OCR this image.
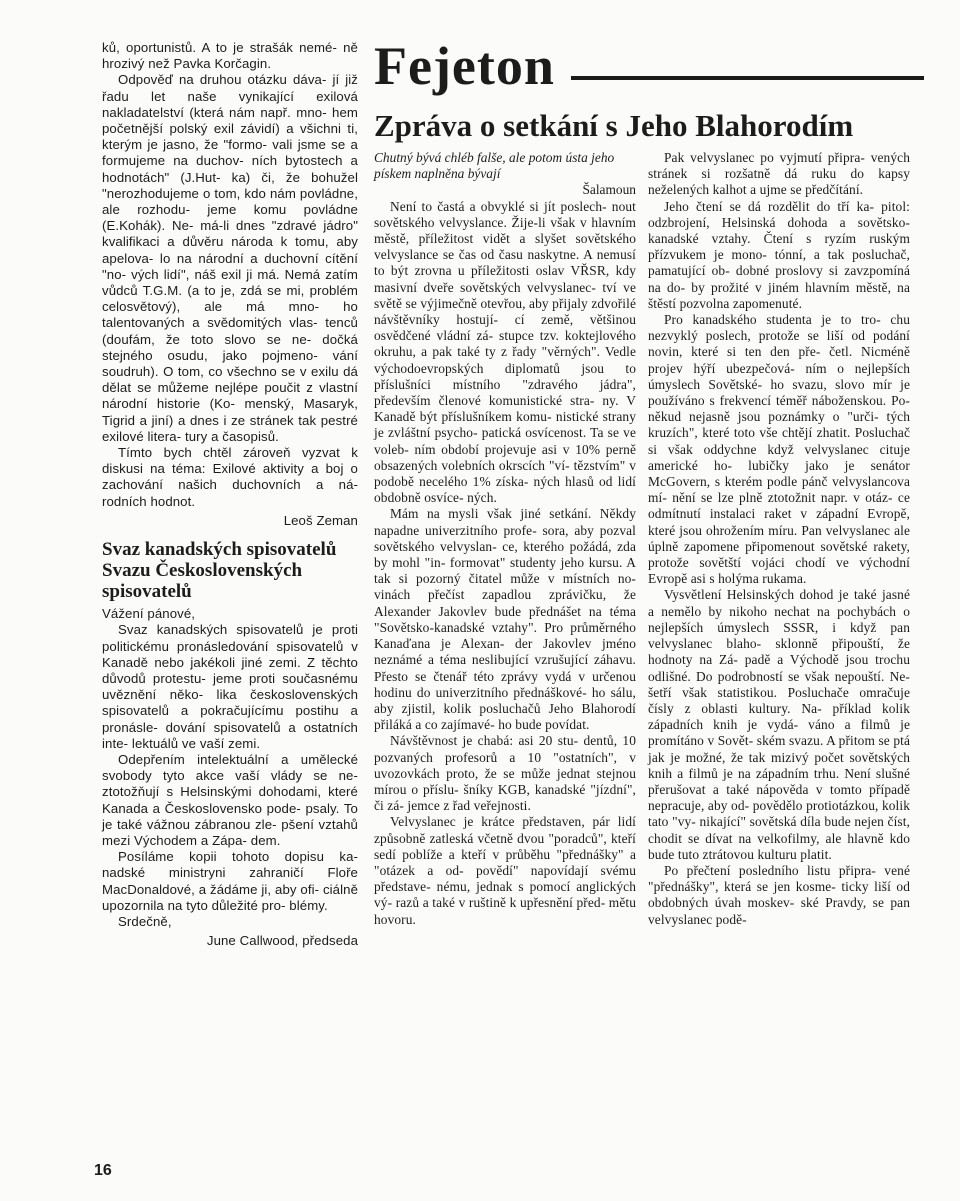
ků, oportunistů. A to je strašák nemé- ně hrozivý než Pavka Korčagin.

Odpověď na druhou otázku dáva- jí již řadu let naše vynikající exilová nakladatelství (která nám např. mno- hem početnější polský exil závidí) a všichni ti, kterým je jasno, že "formo- vali jsme se a formujeme na duchov- ních bytostech a hodnotách" (J.Hut- ka) či, že bohužel "nerozhodujeme o tom, kdo nám povládne, ale rozhodu- jeme komu povládne (E.Kohák). Ne- má-li dnes "zdravé jádro" kvalifikaci a důvěru národa k tomu, aby apelova- lo na národní a duchovní cítění "no- vých lidí", náš exil ji má. Nemá zatím vůdců T.G.M. (a to je, zdá se mi, problém celosvětový), ale má mno- ho talentovaných a svědomitých vlas- tenců (doufám, že toto slovo se ne- dočká stejného osudu, jako pojmeno- vání soudruh). O tom, co všechno se v exilu dá dělat se můžeme nejlépe poučit z vlastní národní historie (Ko- menský, Masaryk, Tigrid a jiní) a dnes i ze stránek tak pestré exilové litera- tury a časopisů.

Tímto bych chtěl zároveň vyzvat k diskusi na téma: Exilové aktivity a boj o zachování našich duchovních a ná- rodních hodnot.

Leoš Zeman

Svaz kanadských spisovatelů Svazu Československých spisovatelů

Vážení pánové,

Svaz kanadských spisovatelů je proti politickému pronásledování spisovatelů v Kanadě nebo jakékoli jiné zemi. Z těchto důvodů protestu- jeme proti současnému uvěznění něko- lika československých spisovatelů a pokračujícímu postihu a pronásle- dování spisovatelů a ostatních inte- lektuálů ve vaší zemi.

Odepřením intelektuální a umělecké svobody tyto akce vaší vlády se ne- ztotožňují s Helsinskými dohodami, které Kanada a Československo pode- psaly. To je také vážnou zábranou zle- pšení vztahů mezi Východem a Zápa- dem.

Posíláme kopii tohoto dopisu ka- nadské ministryni zahraničí Floře MacDonaldové, a žádáme ji, aby ofi- ciálně upozornila na tyto důležité pro- blémy.

Srdečně,

June Callwood, předseda

Fejeton
Zpráva o setkání s Jeho Blahorodím

Chutný bývá chléb falše, ale potom ústa jeho pískem naplněna bývají

Šalamoun

Není to častá a obvyklé si jít poslech- nout sovětského velvyslance. Žije-li však v hlavním městě, příležitost vidět a slyšet sovětského velvyslance se čas od času naskytne. A nemusí to být zrovna u příležitosti oslav VŘSR, kdy masivní dveře sovětských velvyslanec- tví ve světě se výjimečně otevřou, aby přijaly zdvořilé návštěvníky hostují- cí země, většinou osvědčené vládní zá- stupce tzv. koktejlového okruhu, a pak také ty z řady "věrných". Vedle východoevropských diplomatů jsou to příslušníci místního "zdravého jádra", především členové komunistické stra- ny. V Kanadě být příslušníkem komu- nistické strany je zvláštní psycho- patická osvícenost. Ta se ve voleb- ním období projevuje asi v 10% perně obsazených volebních okrscích "ví- tězstvím" v podobě necelého 1% získa- ných hlasů od lidí obdobně osvíce- ných.

Mám na mysli však jiné setkání. Někdy napadne univerzitního profe- sora, aby pozval sovětského velvyslan- ce, kterého požádá, zda by mohl "in- formovat" studenty jeho kursu. A tak si pozorný čitatel může v místních no- vinách přečíst zapadlou zprávičku, že Alexander Jakovlev bude přednášet na téma "Sovětsko-kanadské vztahy". Pro průměrného Kanaďana je Alexan- der Jakovlev jméno neznámé a téma neslibující vzrušující záhavu. Přesto se čtenář této zprávy vydá v určenou hodinu do univerzitního přednáškové- ho sálu, aby zjistil, kolik posluchačů Jeho Blahorodí přiláká a co zajímavé- ho bude povídat.

Návštěvnost je chabá: asi 20 stu- dentů, 10 pozvaných profesorů a 10 "ostatních", v uvozovkách proto, že se může jednat stejnou mírou o příslu- šníky KGB, kanadské "jízdní", či zá- jemce z řad veřejnosti.

Velvyslanec je krátce představen, pár lidí způsobně zatleská včetně dvou "poradců", kteří sedí poblíže a kteří v průběhu "přednášky" a "otázek a od- povědí" napovídají svému představe- nému, jednak s pomocí anglických vý- razů a také v ruštině k upřesnění před- mětu hovoru.

Pak velvyslanec po vyjmutí připra- vených stránek si rozšatně dá ruku do kapsy neželených kalhot a ujme se předčítání.

Jeho čtení se dá rozdělit do tří ka- pitol: odzbrojení, Helsinská dohoda a sovětsko-kanadské vztahy. Čtení s ryzím ruským přízvukem je mono- tónní, a tak posluchač, pamatující ob- dobné proslovy si zavzpomíná na do- by prožité v jiném hlavním městě, na štěstí pozvolna zapomenuté.

Pro kanadského studenta je to tro- chu nezvyklý poslech, protože se liší od podání novin, které si ten den pře- četl. Nicméně projev hýří ubezpečová- ním o nejlepších úmyslech Sovětské- ho svazu, slovo mír je používáno s frekvencí téměř náboženskou. Po- někud nejasně jsou poznámky o "urči- tých kruzích", které toto vše chtějí zhatit. Posluchač si však oddychne když velvyslanec cituje americké ho- lubičky jako je senátor McGovern, s kterém podle pánč velvyslancova mí- nění se lze plně ztotožnit napr. v otáz- ce odmítnutí instalaci raket v západní Evropě, které jsou ohrožením míru. Pan velvyslanec ale úplně zapomene připomenout sovětské rakety, protože sovětští vojáci chodí ve východní Evropě asi s holýma rukama.

Vysvětlení Helsinských dohod je také jasné a nemělo by nikoho nechat na pochybách o nejlepších úmyslech SSSR, i když pan velvyslanec blaho- sklonně připouští, že hodnoty na Zá- padě a Východě jsou trochu odlišné. Do podrobností se však nepouští. Ne- šetří však statistikou. Posluchače omračuje čísly z oblasti kultury. Na- příklad kolik západních knih je vydá- váno a filmů je promítáno v Sovět- ském svazu. A přitom se ptá jak je možné, že tak mizivý počet sovětských knih a filmů je na západním trhu. Není slušné přerušovat a také nápověda v tomto případě nepracuje, aby od- povědělo protiotázkou, kolik tato "vy- nikající" sovětská díla bude nejen číst, chodit se dívat na velkofilmy, ale hlavně kdo bude tuto ztrátovou kulturu platit.

Po přečtení posledního listu připra- vené "přednášky", která se jen kosme- ticky liší od obdobných úvah moskev- ské Pravdy, se pan velvyslanec podě-

16
